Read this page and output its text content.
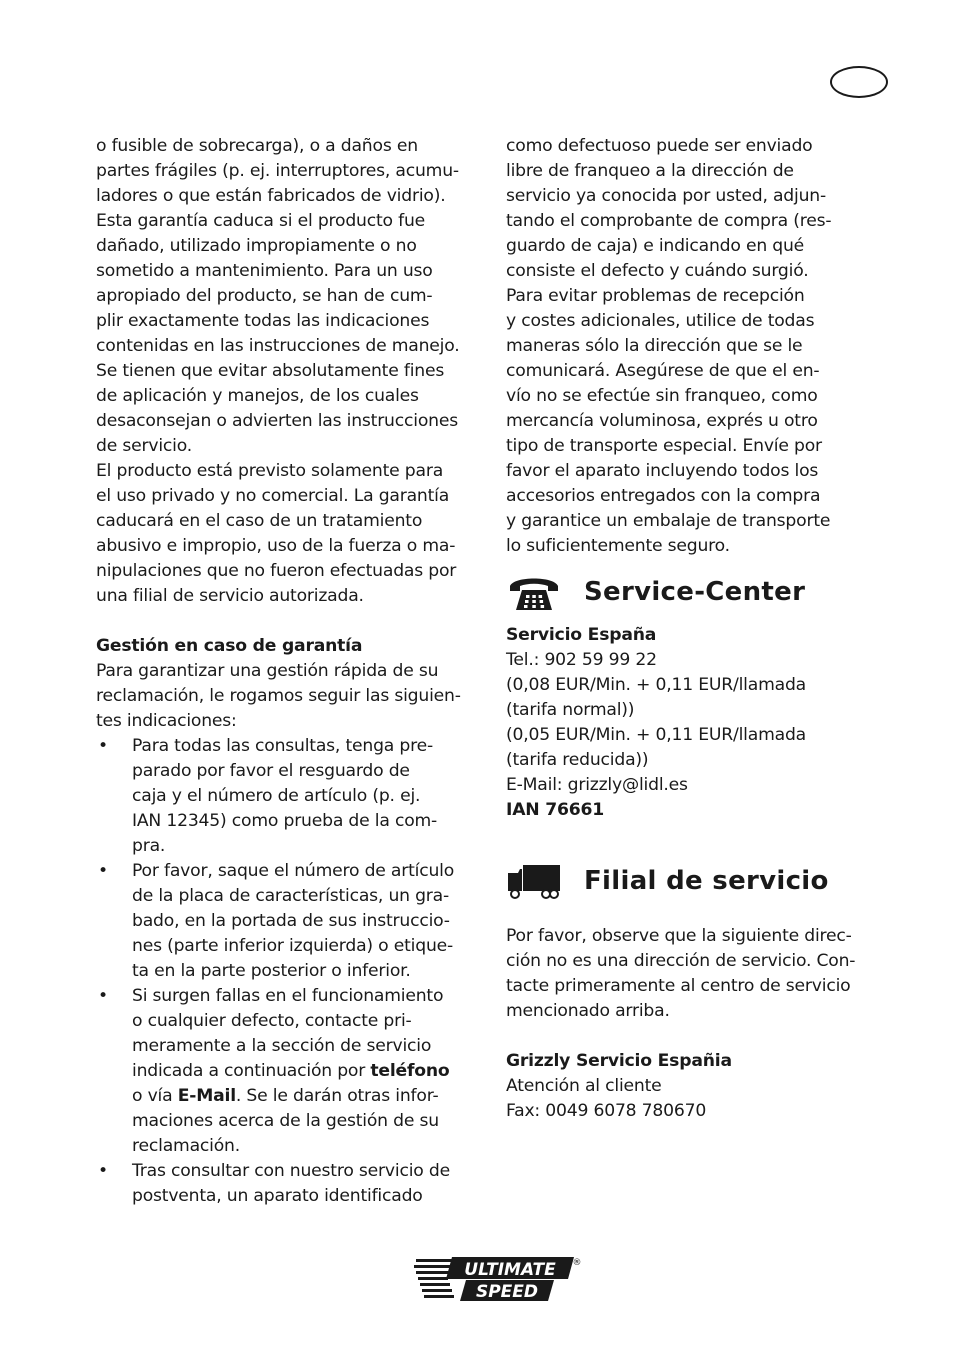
o fusible de sobrecarga), o a daños en

partes frágiles (p. ej. interruptores, acumu-

ladores o que están fabricados de vidrio).

Esta garantía caduca si el producto fue

dañado, utilizado impropiamente o no

sometido a mantenimiento. Para un uso

apropiado del producto, se han de cum-

plir exactamente todas las indicaciones

contenidas en las instrucciones de manejo.

Se tienen que evitar absolutamente fines

de aplicación y manejos, de los cuales

desaconsejan o advierten las instrucciones

de servicio.

El producto está previsto solamente para

el uso privado y no comercial. La garantía

caducará en el caso de un tratamiento

abusivo e impropio, uso de la fuerza o ma-

nipulaciones que no fueron efectuadas por

una filial de servicio autorizada.

Gestión en caso de garantía

Para garantizar una gestión rápida de su

reclamación, le rogamos seguir las siguien-

tes indicaciones:

• Para todas las consultas, tenga pre-

parado por favor el resguardo de

caja y el número de artículo (p. ej.

IAN 12345) como prueba de la com-

pra.

• Por favor, saque el número de artículo

de la placa de características, un gra-

bado, en la portada de sus instruccio-

nes (parte inferior izquierda) o etique-

ta en la parte posterior o inferior.

• Si surgen fallas en el funcionamiento

o cualquier defecto, contacte pri-

meramente a la sección de servicio

indicada a continuación por teléfono

o vía E-Mail. Se le darán otras infor-

maciones acerca de la gestión de su

reclamación.

• Tras consultar con nuestro servicio de

postventa, un aparato identificado

como defectuoso puede ser enviado

libre de franqueo a la dirección de

servicio ya conocida por usted, adjun-

tando el comprobante de compra (res-

guardo de caja) e indicando en qué

consiste el defecto y cuándo surgió.

Para evitar problemas de recepción

y costes adicionales, utilice de todas

maneras sólo la dirección que se le

comunicará. Asegúrese de que el en-

vío no se efectúe sin franqueo, como

mercancía voluminosa, exprés u otro

tipo de transporte especial. Envíe por

favor el aparato incluyendo todos los

accesorios entregados con la compra

y garantice un embalaje de transporte

lo suficientemente seguro.

Service-Center

Servicio España

Tel.: 902 59 99 22

(0,08 EUR/Min. + 0,11 EUR/llamada

(tarifa normal))

(0,05 EUR/Min. + 0,11 EUR/llamada

(tarifa reducida))

E-Mail: grizzly@lidl.es

IAN 76661

Filial de servicio

Por favor, observe que la siguiente direc-

ción no es una dirección de servicio. Con-

tacte primeramente al centro de servicio

mencionado arriba.

Grizzly Servicio Españia

Atención al cliente

Fax: 0049 6078 780670

ULTIMATE
SPEED
®
